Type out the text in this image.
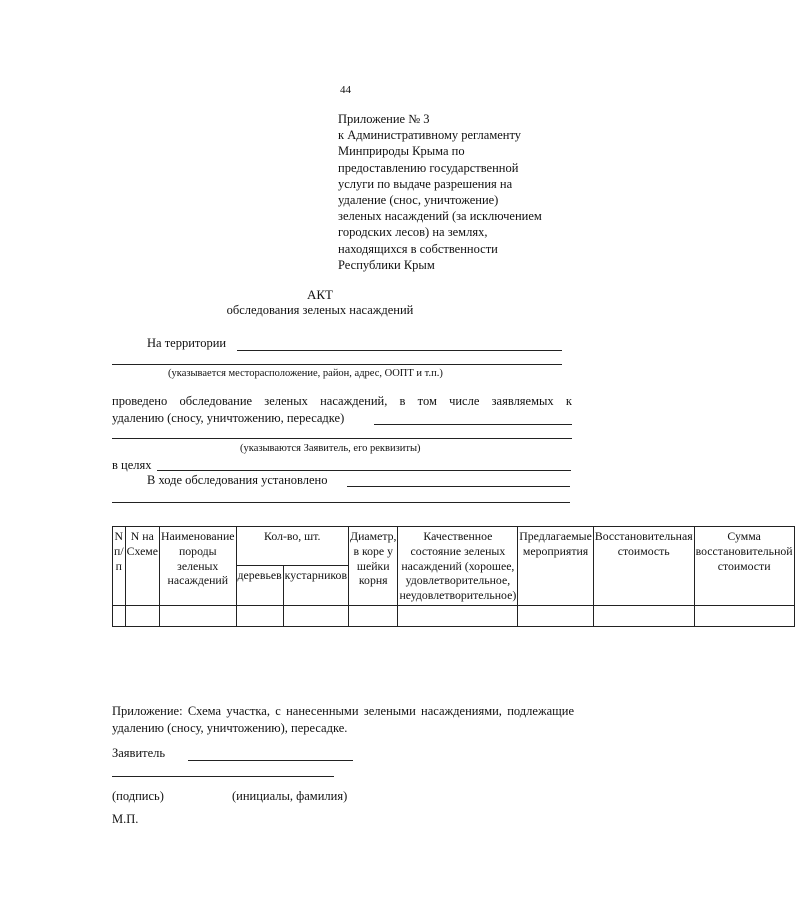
44
Приложение № 3
к Административному регламенту
Минприроды Крыма по
предоставлению государственной
услуги по выдаче разрешения на
удаление (снос, уничтожение)
зеленых насаждений (за исключением
городских лесов) на землях,
находящихся в собственности
Республики Крым
АКТ
обследования зеленых насаждений
На территории
(указывается месторасположение, район, адрес, ООПТ и т.п.)
проведено обследование зеленых насаждений, в том числе заявляемых к
удалению (сносу, уничтожению, пересадке)
(указываются Заявитель, его реквизиты)
в целях
В ходе обследования установлено
N п/п	N на Схеме	Наименование породы зеленых насаждений	Кол-во, шт.		Диаметр, в коре у шейки корня	Качественное состояние зеленых насаждений (хорошее, удовлетворительное, неудовлетворительное)	Предлагаемые мероприятия	Восстановительная стоимость	Сумма восстановительной стоимости
			деревьев	кустарников					

Приложение: Схема участка, с нанесенными зелеными насаждениями, подлежащие удалению (сносу, уничтожению), пересадке.
Заявитель
(подпись)	(инициалы, фамилия)
М.П.
